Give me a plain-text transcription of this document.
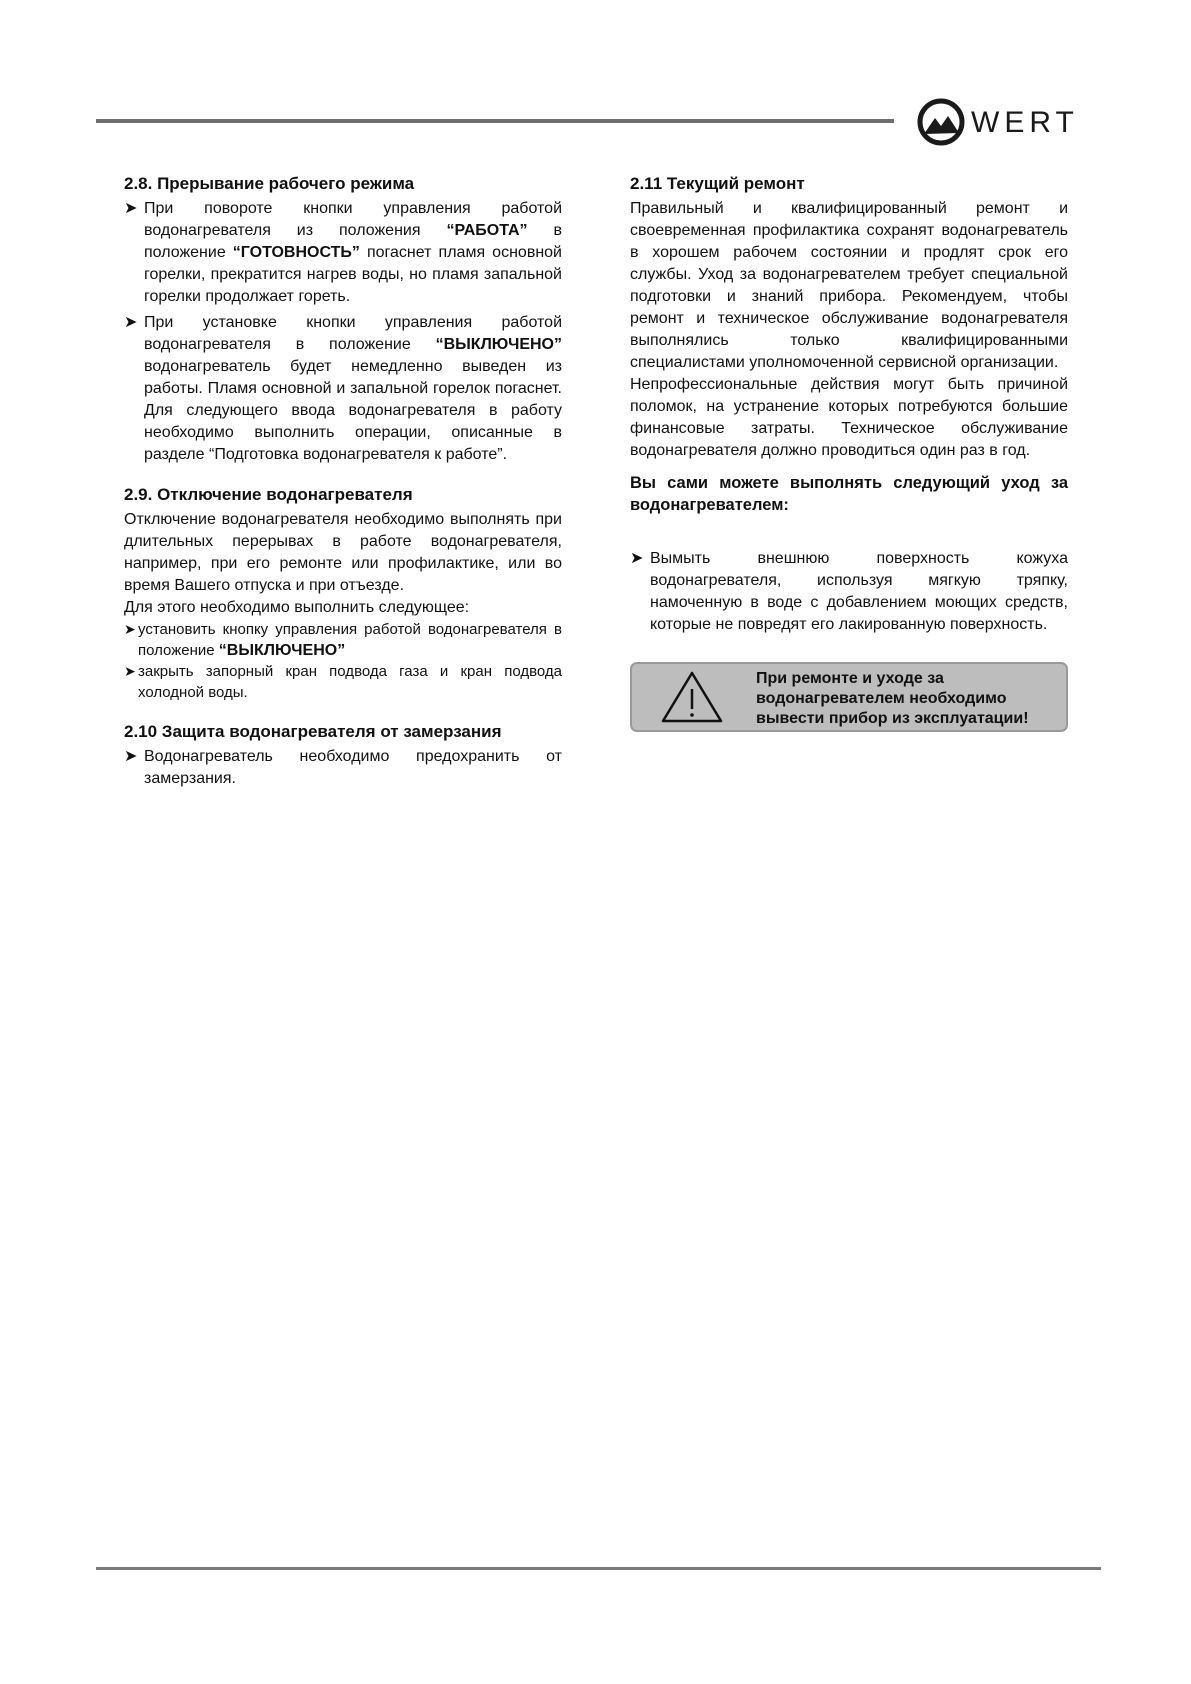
WERT
2.8. Прерывание рабочего режима
➤ При повороте кнопки управления работой водонагревателя из положения “РАБОТА” в положение “ГОТОВНОСТЬ” погаснет пламя основной горелки, прекратится нагрев воды, но пламя запальной горелки продолжает гореть.
➤ При установке кнопки управления работой водонагревателя в положение “ВЫКЛЮЧЕНО” водонагреватель будет немедленно выведен из работы. Пламя основной и запальной горелок погаснет. Для следующего ввода водонагревателя в работу необходимо выполнить операции, описанные в разделе “Подготовка водонагревателя к работе”.
2.9. Отключение водонагревателя

Отключение водонагревателя необходимо выполнять при длительных перерывах в работе водонагревателя, например, при его ремонте или профилактике, или во время Вашего отпуска и при отъезде.

Для этого необходимо выполнить следующее:

➤ установить кнопку управления работой водонагревателя в положение “ВЫКЛЮЧЕНО”
➤ закрыть запорный кран подвода газа и кран подвода холодной воды.
2.10 Защита водонагревателя от замерзания
➤ Водонагреватель необходимо предохранить от замерзания.
2.11 Текущий ремонт

Правильный и квалифицированный ремонт и своевременная профилактика сохранят водонагреватель в хорошем рабочем состоянии и продлят срок его службы. Уход за водонагревателем требует специальной подготовки и знаний прибора. Рекомендуем, чтобы ремонт и техническое обслуживание водонагревателя выполнялись только квалифицированными специалистами уполномоченной сервисной организации.

Непрофессиональные действия могут быть причиной поломок, на устранение которых потребуются большие финансовые затраты. Техническое обслуживание водонагревателя должно проводиться один раз в год.

Вы сами можете выполнять следующий уход за водонагревателем:
➤ Вымыть внешнюю поверхность кожуха водонагревателя, используя мягкую тряпку, намоченную в воде с добавлением моющих средств, которые не повредят его лакированную поверхность.
При ремонте и уходе за
водонагревателем необходимо
вывести прибор из эксплуатации!
